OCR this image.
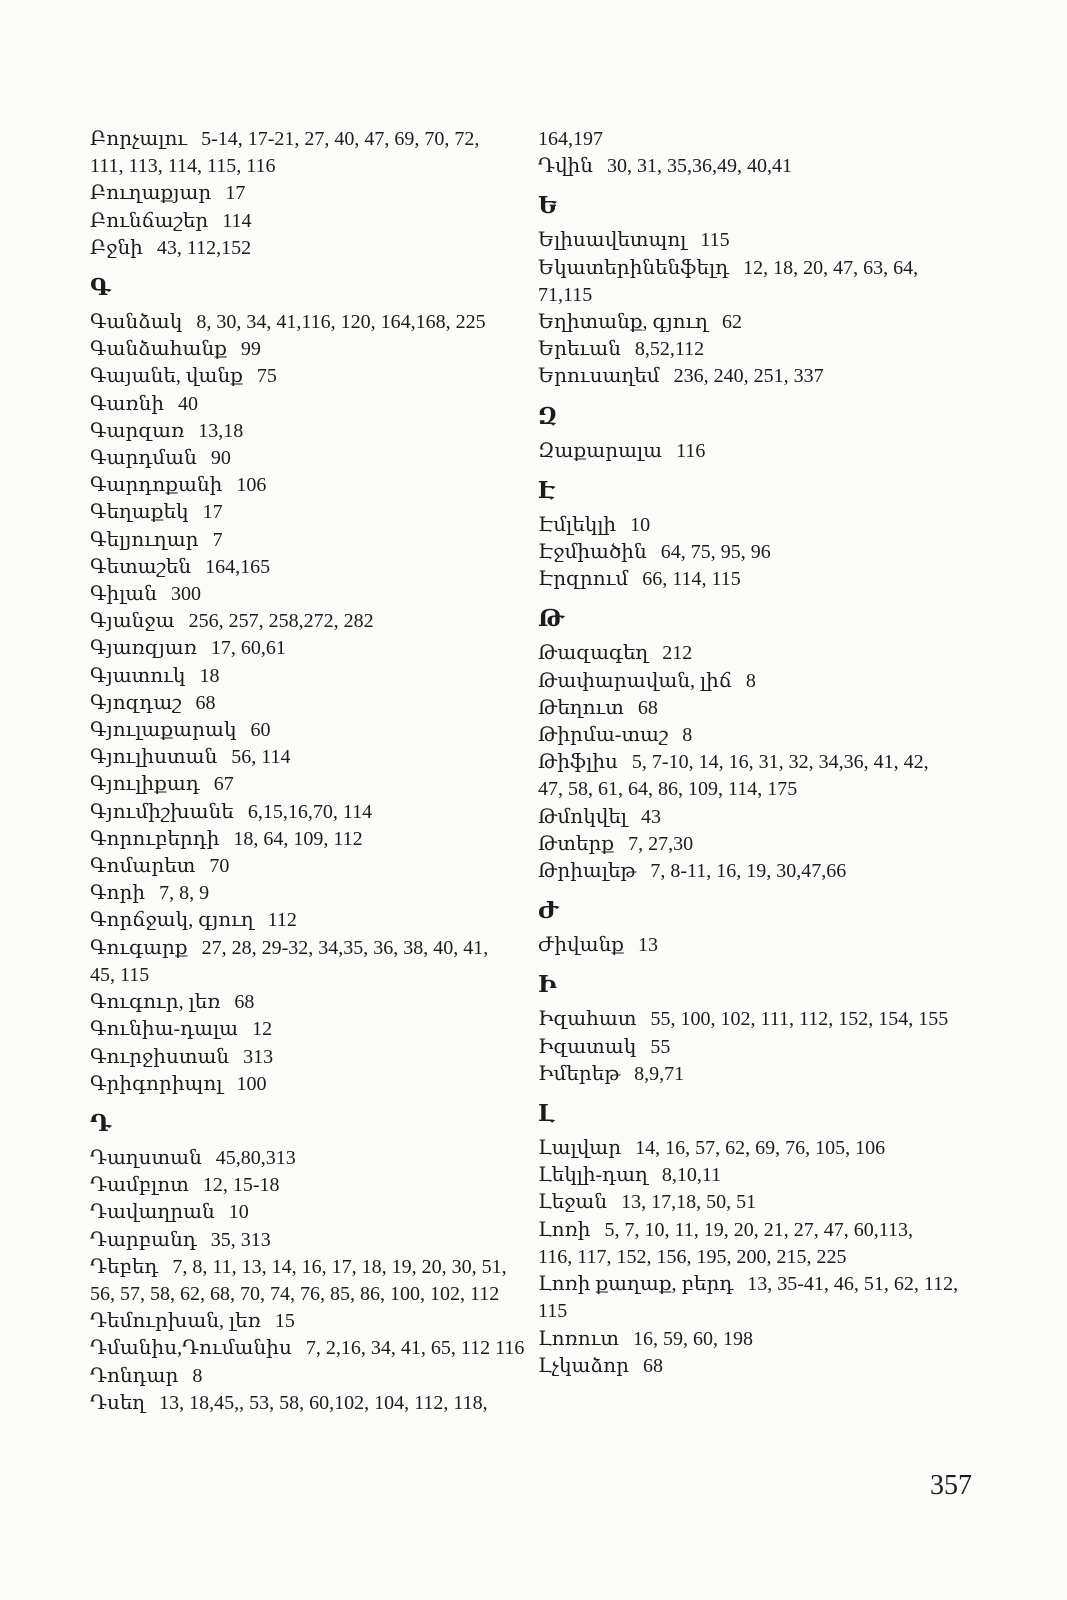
Բորչալու 5-14, 17-21, 27, 40, 47, 69, 70, 72,
111, 113, 114, 115, 116
Բուղաքյար 17
Բունճաշեր 114
Բջնի 43, 112,152
Գ
Գանձակ 8, 30, 34, 41,116, 120, 164,168, 225
Գանձահանք 99
Գայանե, վանք 75
Գառնի 40
Գարզառ 13,18
Գարդման 90
Գարդոքանի 106
Գեղաքեկ 17
Գելյուղար 7
Գետաշեն 164,165
Գիլան 300
Գյանջա 256, 257, 258,272, 282
Գյառզյառ 17, 60,61
Գյատուկ 18
Գյոզդաշ 68
Գյուլաքարակ 60
Գյուլիստան 56, 114
Գյուլիքադ 67
Գյումիշխանե 6,15,16,70, 114
Գորուբերդի 18, 64, 109, 112
Գոմարետ 70
Գորի 7, 8, 9
Գորճջակ, գյուղ 112
Գուգարք 27, 28, 29-32, 34,35, 36, 38, 40, 41,
45, 115
Գուգուր, լեռ 68
Գունիա-դալա 12
Գուրջիստան 313
Գրիգորիպոլ 100
Դ
Դաղստան 45,80,313
Դամբլոտ 12, 15-18
Դավաղրան 10
Դարբանդ 35, 313
Դեբեդ 7, 8, 11, 13, 14, 16, 17, 18, 19, 20, 30, 51,
56, 57, 58, 62, 68, 70, 74, 76, 85, 86, 100, 102, 112
Դեմուրխան, լեռ 15
Դմանիս,Դումանիս 7, 2,16, 34, 41, 65, 112 116
Դոնդար 8
Դսեղ 13, 18,45,, 53, 58, 60,102, 104, 112, 118,
164,197
Դվին 30, 31, 35,36,49, 40,41
Ե
Ելիսավետպոլ 115
Եկատերինենֆելդ 12, 18, 20, 47, 63, 64,
71,115
Եղիտանք, գյուղ 62
Երեւան 8,52,112
Երուսաղեմ 236, 240, 251, 337
Զ
Զաքարալա 116
Է
Էմլեկլի 10
Էջմիածին 64, 75, 95, 96
Էրզրում 66, 114, 115
Թ
Թազագեղ 212
Թափարավան, լիճ 8
Թեղուտ 68
Թիրմա-տաշ 8
Թիֆլիս 5, 7-10, 14, 16, 31, 32, 34,36, 41, 42,
47, 58, 61, 64, 86, 109, 114, 175
Թմոկվել 43
Թտերք 7, 27,30
Թրիալեթ 7, 8-11, 16, 19, 30,47,66
Ժ
Ժիվանք 13
Ի
Իզահատ 55, 100, 102, 111, 112, 152, 154, 155
Իզատակ 55
Իմերեթ 8,9,71
Լ
Լալվար 14, 16, 57, 62, 69, 76, 105, 106
Լեկլի-դաղ 8,10,11
Լեջան 13, 17,18, 50, 51
Լոռի 5, 7, 10, 11, 19, 20, 21, 27, 47, 60,113,
116, 117, 152, 156, 195, 200, 215, 225
Լոռի քաղաք, բերդ 13, 35-41, 46, 51, 62, 112,
115
Լոռուտ 16, 59, 60, 198
Լչկաձոր 68
357
